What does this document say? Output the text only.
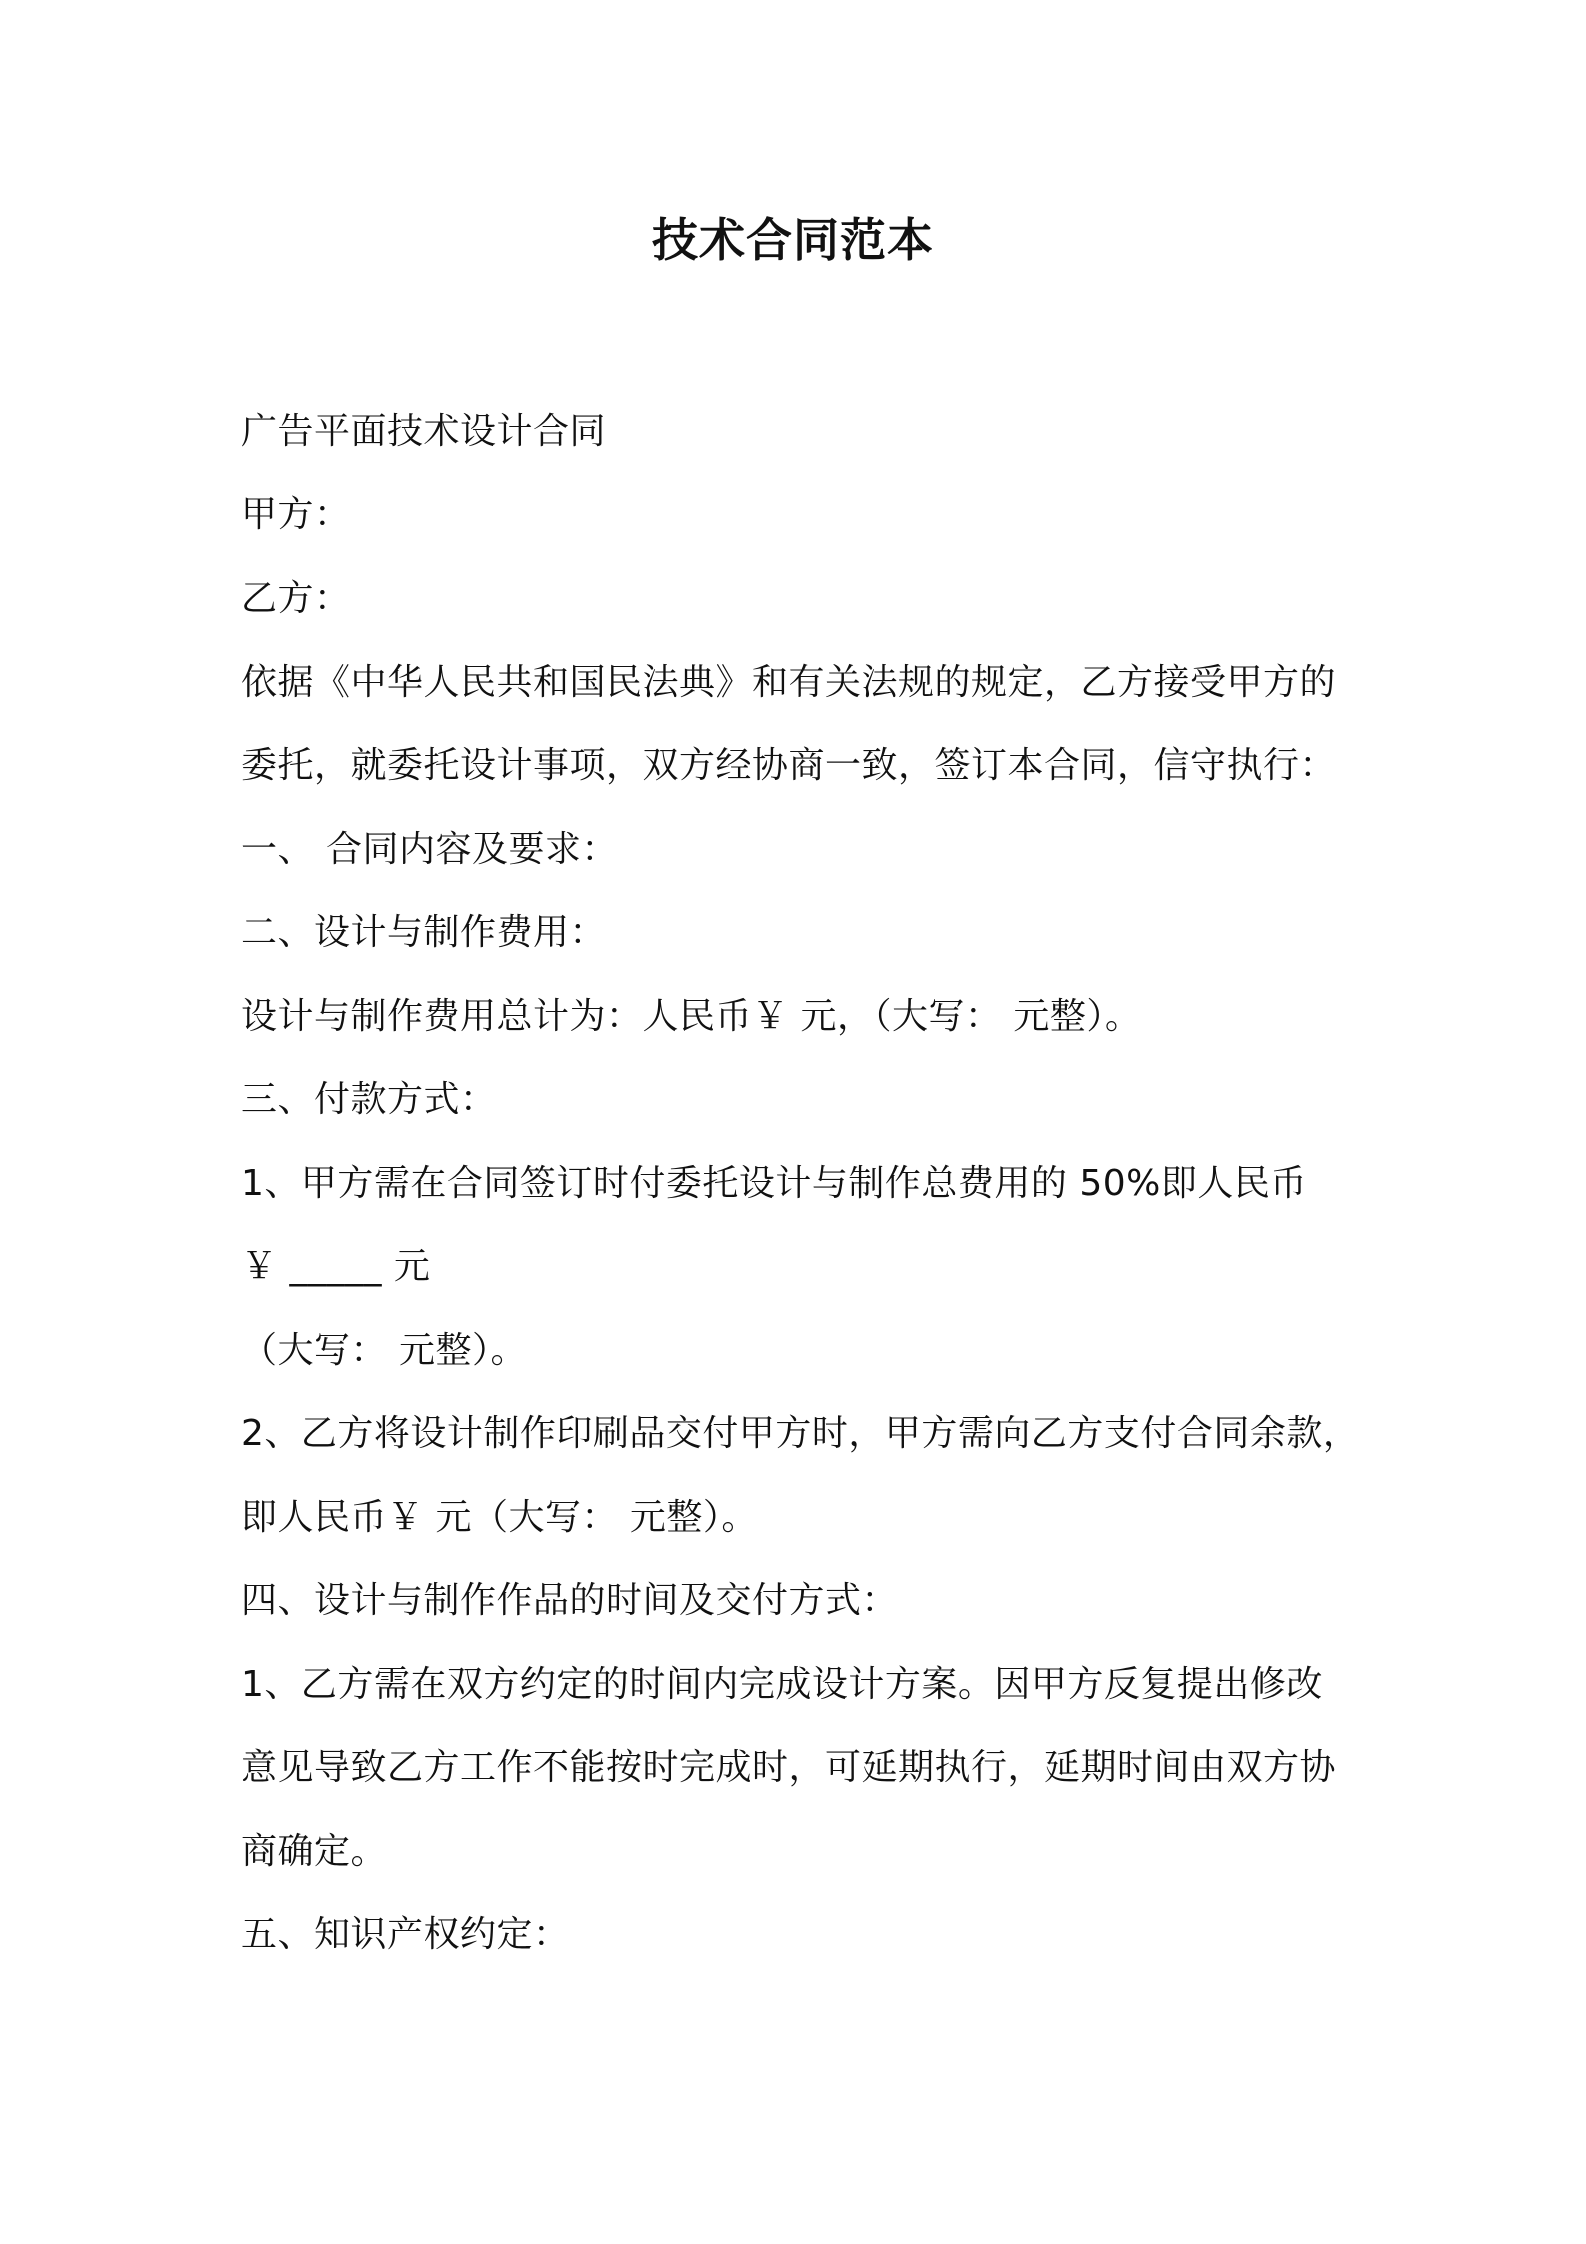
技术合同范本
广告平面技术设计合同
甲方：
乙方：
依据《中华人民共和国民法典》和有关法规的规定，乙方接受甲方的
委托，就委托设计事项，双方经协商一致，签订本合同，信守执行：
一、 合同内容及要求：
二、设计与制作费用：
设计与制作费用总计为：人民币￥ 元，（大写： 元整）。
三、付款方式：
1、甲方需在合同签订时付委托设计与制作总费用的 50%即人民币
￥ _____ 元
（大写： 元整）。
2、乙方将设计制作印刷品交付甲方时，甲方需向乙方支付合同余款，
即人民币￥ 元（大写： 元整）。
四、设计与制作作品的时间及交付方式：
1、乙方需在双方约定的时间内完成设计方案。因甲方反复提出修改
意见导致乙方工作不能按时完成时，可延期执行，延期时间由双方协
商确定。
五、知识产权约定：
